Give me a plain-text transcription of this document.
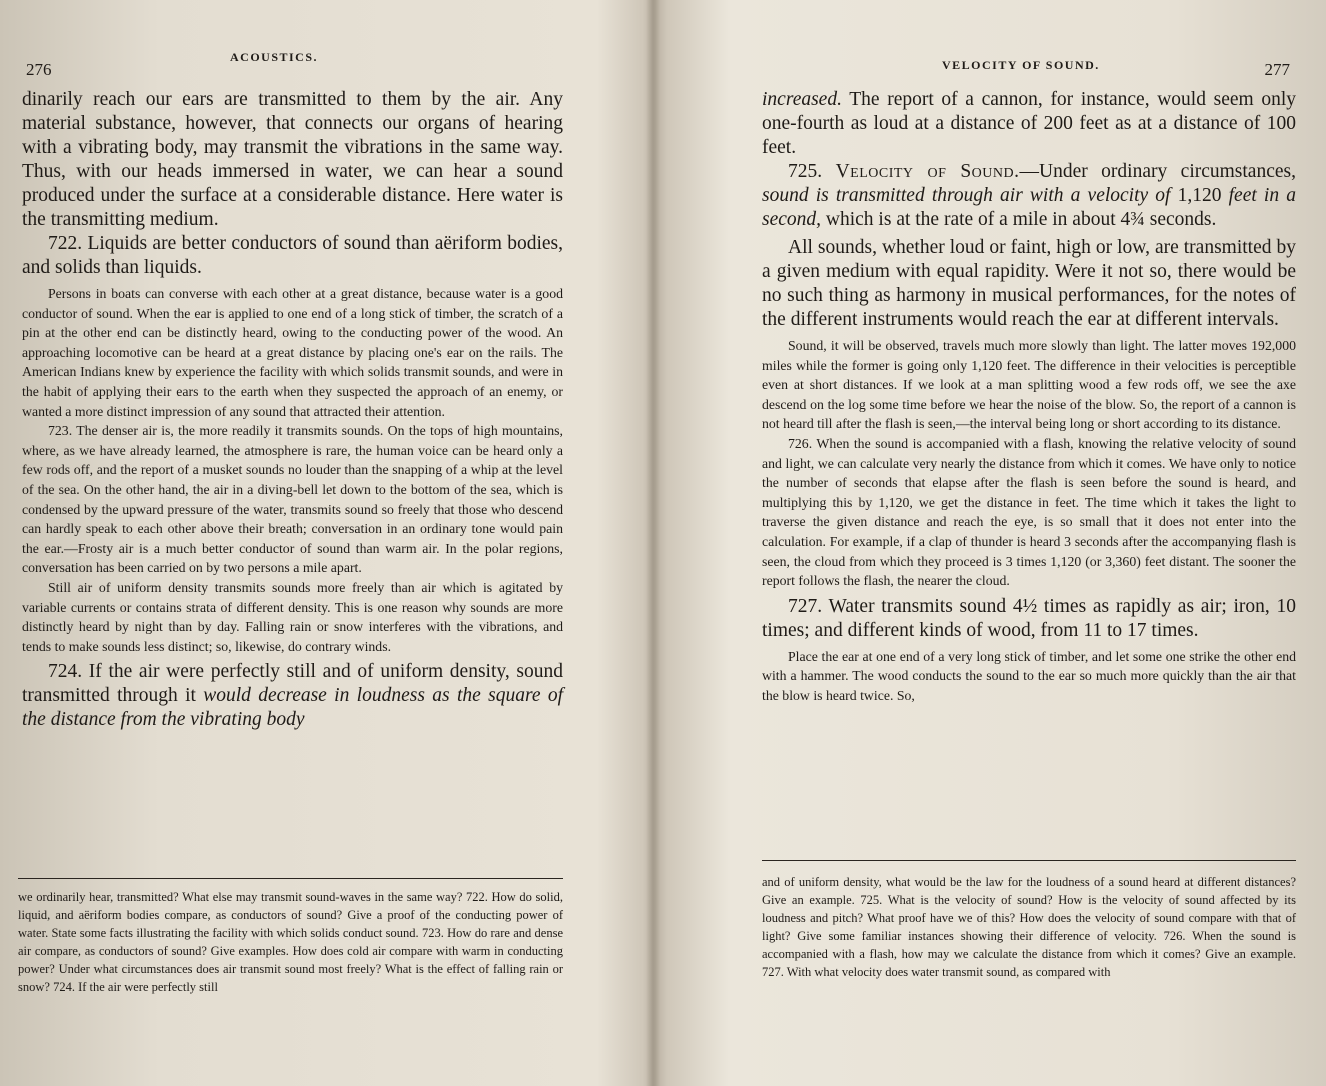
276
ACOUSTICS.

dinarily reach our ears are transmitted to them by the air. Any material substance, however, that connects our organs of hearing with a vibrating body, may transmit the vibrations in the same way. Thus, with our heads immersed in water, we can hear a sound produced under the surface at a considerable distance. Here water is the transmitting medium.

722. Liquids are better conductors of sound than aëriform bodies, and solids than liquids.

Persons in boats can converse with each other at a great distance, because water is a good conductor of sound. When the ear is applied to one end of a long stick of timber, the scratch of a pin at the other end can be distinctly heard, owing to the conducting power of the wood. An approaching locomotive can be heard at a great distance by placing one's ear on the rails. The American Indians knew by experience the facility with which solids transmit sounds, and were in the habit of applying their ears to the earth when they suspected the approach of an enemy, or wanted a more distinct impression of any sound that attracted their attention.

723. The denser air is, the more readily it transmits sounds. On the tops of high mountains, where, as we have already learned, the atmosphere is rare, the human voice can be heard only a few rods off, and the report of a musket sounds no louder than the snapping of a whip at the level of the sea. On the other hand, the air in a diving-bell let down to the bottom of the sea, which is condensed by the upward pressure of the water, transmits sound so freely that those who descend can hardly speak to each other above their breath; conversation in an ordinary tone would pain the ear.—Frosty air is a much better conductor of sound than warm air. In the polar regions, conversation has been carried on by two persons a mile apart.

Still air of uniform density transmits sounds more freely than air which is agitated by variable currents or contains strata of different density. This is one reason why sounds are more distinctly heard by night than by day. Falling rain or snow interferes with the vibrations, and tends to make sounds less distinct; so, likewise, do contrary winds.

724. If the air were perfectly still and of uniform density, sound transmitted through it would decrease in loudness as the square of the distance from the vibrating body

we ordinarily hear, transmitted? What else may transmit sound-waves in the same way? 722. How do solid, liquid, and aëriform bodies compare, as conductors of sound? Give a proof of the conducting power of water. State some facts illustrating the facility with which solids conduct sound. 723. How do rare and dense air compare, as conductors of sound? Give examples. How does cold air compare with warm in conducting power? Under what circumstances does air transmit sound most freely? What is the effect of falling rain or snow? 724. If the air were perfectly still
VELOCITY OF SOUND.	277

increased. The report of a cannon, for instance, would seem only one-fourth as loud at a distance of 200 feet as at a distance of 100 feet.

725. Velocity of Sound.—Under ordinary circumstances, sound is transmitted through air with a velocity of 1,120 feet in a second, which is at the rate of a mile in about 4¾ seconds.

All sounds, whether loud or faint, high or low, are transmitted by a given medium with equal rapidity. Were it not so, there would be no such thing as harmony in musical performances, for the notes of the different instruments would reach the ear at different intervals.

Sound, it will be observed, travels much more slowly than light. The latter moves 192,000 miles while the former is going only 1,120 feet. The difference in their velocities is perceptible even at short distances. If we look at a man splitting wood a few rods off, we see the axe descend on the log some time before we hear the noise of the blow. So, the report of a cannon is not heard till after the flash is seen,—the interval being long or short according to its distance.

726. When the sound is accompanied with a flash, knowing the relative velocity of sound and light, we can calculate very nearly the distance from which it comes. We have only to notice the number of seconds that elapse after the flash is seen before the sound is heard, and multiplying this by 1,120, we get the distance in feet. The time which it takes the light to traverse the given distance and reach the eye, is so small that it does not enter into the calculation. For example, if a clap of thunder is heard 3 seconds after the accompanying flash is seen, the cloud from which they proceed is 3 times 1,120 (or 3,360) feet distant. The sooner the report follows the flash, the nearer the cloud.

727. Water transmits sound 4½ times as rapidly as air; iron, 10 times; and different kinds of wood, from 11 to 17 times.

Place the ear at one end of a very long stick of timber, and let some one strike the other end with a hammer. The wood conducts the sound to the ear so much more quickly than the air that the blow is heard twice. So,

and of uniform density, what would be the law for the loudness of a sound heard at different distances? Give an example. 725. What is the velocity of sound? How is the velocity of sound affected by its loudness and pitch? What proof have we of this? How does the velocity of sound compare with that of light? Give some familiar instances showing their difference of velocity. 726. When the sound is accompanied with a flash, how may we calculate the distance from which it comes? Give an example. 727. With what velocity does water transmit sound, as compared with
